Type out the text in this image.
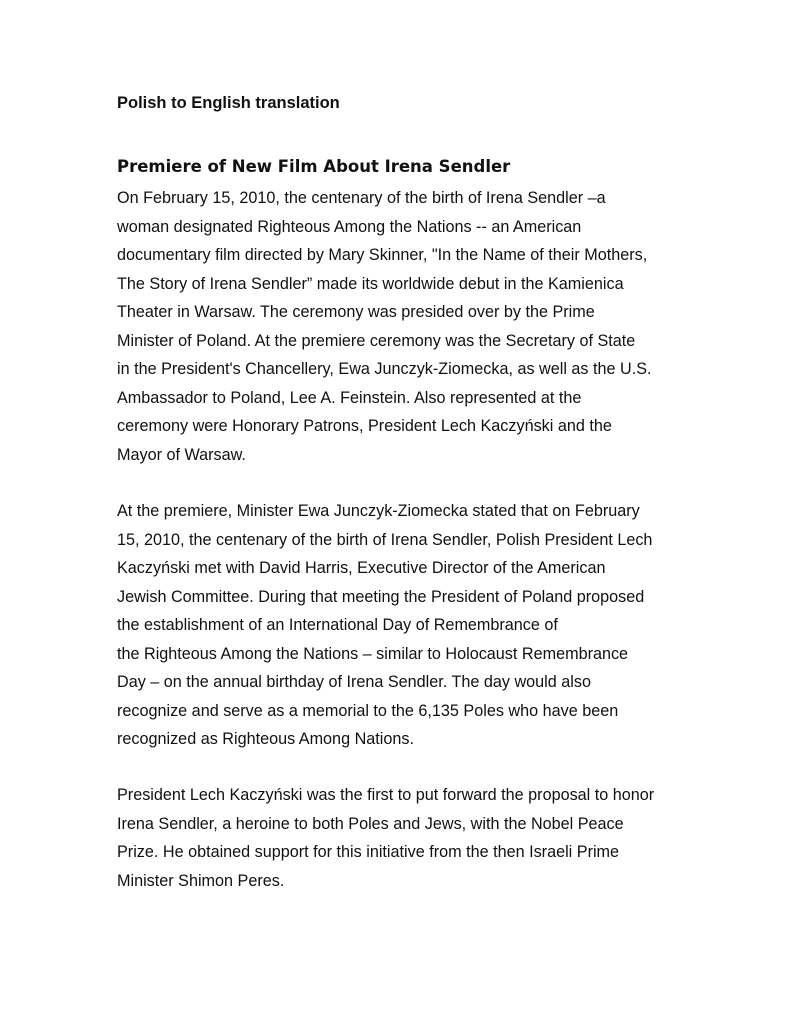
Polish to English translation
Premiere of New Film About Irena Sendler
On February 15, 2010, the centenary of the birth of Irena Sendler –a
woman designated Righteous Among the Nations -- an American
documentary film directed by Mary Skinner, "In the Name of their Mothers,
The Story of Irena Sendler” made its worldwide debut in the Kamienica
Theater in Warsaw. The ceremony was presided over by the Prime
Minister of Poland. At the premiere ceremony was the Secretary of State
in the President's Chancellery, Ewa Junczyk-Ziomecka, as well as the U.S.
Ambassador to Poland, Lee A. Feinstein. Also represented at the
ceremony were Honorary Patrons, President Lech Kaczyński and the
Mayor of Warsaw.
At the premiere, Minister Ewa Junczyk-Ziomecka stated that on February
15, 2010, the centenary of the birth of Irena Sendler, Polish President Lech
Kaczyński met with David Harris, Executive Director of the American
Jewish Committee. During that meeting the President of Poland proposed
the establishment of an International Day of Remembrance of
the Righteous Among the Nations – similar to Holocaust Remembrance
Day – on the annual birthday of Irena Sendler. The day would also
recognize and serve as a memorial to the 6,135 Poles who have been
recognized as Righteous Among Nations.
President Lech Kaczyński was the first to put forward the proposal to honor
Irena Sendler, a heroine to both Poles and Jews, with the Nobel Peace
Prize. He obtained support for this initiative from the then Israeli Prime
Minister Shimon Peres.
